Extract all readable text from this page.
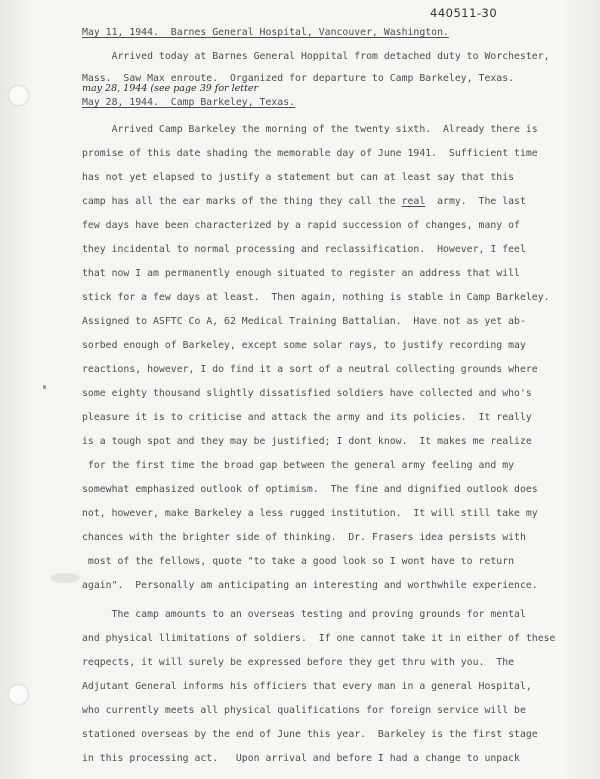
440511-30
may 28, 1944 (see page 39 for letter
May 11, 1944.  Barnes General Hospital, Vancouver, Washington.
Arrived today at Barnes General Hoppital from detached duty to Worchester,
Mass.  Saw Max enroute.  Organized for departure to Camp Barkeley, Texas.
May 28, 1944.  Camp Barkeley, Texas.
Arrived Camp Barkeley the morning of the twenty sixth.  Already there is
promise of this date shading the memorable day of June 1941.  Sufficient time
has not yet elapsed to justify a statement but can at least say that this
camp has all the ear marks of the thing they call the real  army.  The last
few days have been characterized by a rapid succession of changes, many of
they incidental to normal processing and reclassification.  However, I feel
that now I am permanently enough situated to register an address that will
stick for a few days at least.  Then again, nothing is stable in Camp Barkeley.
Assigned to ASFTC Co A, 62 Medical Training Battalian.  Have not as yet ab-
sorbed enough of Barkeley, except some solar rays, to justify recording may
reactions, however, I do find it a sort of a neutral collecting grounds where
some eighty thousand slightly dissatisfied soldiers have collected and who's
pleasure it is to criticise and attack the army and its policies.  It really
is a tough spot and they may be justified; I dont know.  It makes me realize
for the first time the broad gap between the general army feeling and my
somewhat emphasized outlook of optimism.  The fine and dignified outlook does
not, however, make Barkeley a less rugged institution.  It will still take my
chances with the brighter side of thinking.  Dr. Frasers idea persists with
most of the fellows, quote "to take a good look so I wont have to return
again".  Personally am anticipating an interesting and worthwhile experience.
The camp amounts to an overseas testing and proving grounds for mental
and physical llimitations of soldiers.  If one cannot take it in either of these
reqpects, it will surely be expressed before they get thru with you.  The
Adjutant General informs his officiers that every man in a general Hospital,
who currently meets all physical qualifications for foreign service will be
stationed overseas by the end of June this year.  Barkeley is the first stage
in this processing act.   Upon arrival and before I had a change to unpack
